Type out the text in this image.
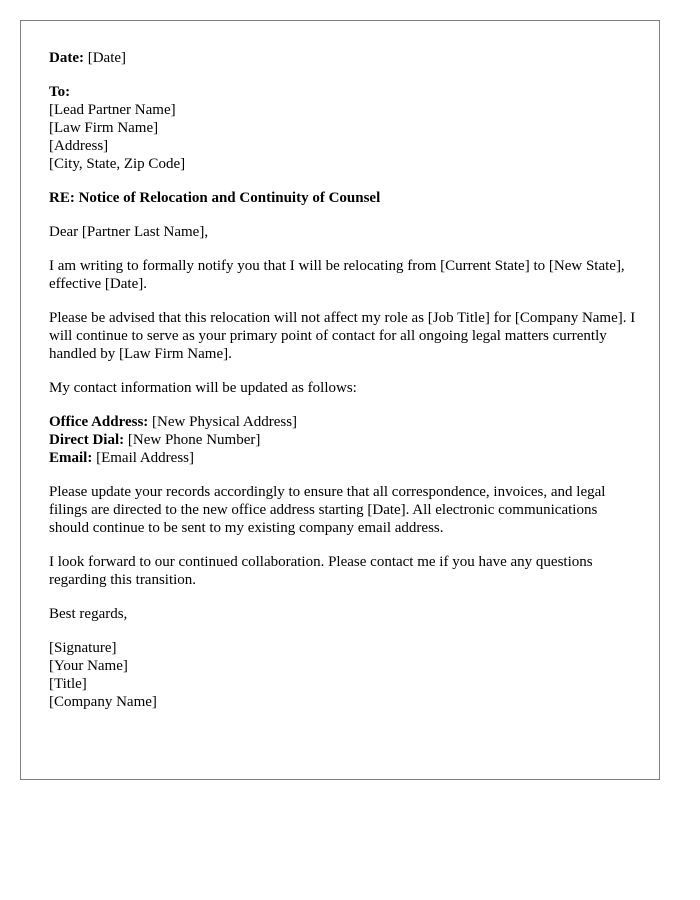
Date: [Date]
To:
[Lead Partner Name]
[Law Firm Name]
[Address]
[City, State, Zip Code]
RE: Notice of Relocation and Continuity of Counsel
Dear [Partner Last Name],
I am writing to formally notify you that I will be relocating from [Current State] to [New State], effective [Date].
Please be advised that this relocation will not affect my role as [Job Title] for [Company Name]. I will continue to serve as your primary point of contact for all ongoing legal matters currently handled by [Law Firm Name].
My contact information will be updated as follows:
Office Address: [New Physical Address]
Direct Dial: [New Phone Number]
Email: [Email Address]
Please update your records accordingly to ensure that all correspondence, invoices, and legal filings are directed to the new office address starting [Date]. All electronic communications should continue to be sent to my existing company email address.
I look forward to our continued collaboration. Please contact me if you have any questions regarding this transition.
Best regards,
[Signature]
[Your Name]
[Title]
[Company Name]
